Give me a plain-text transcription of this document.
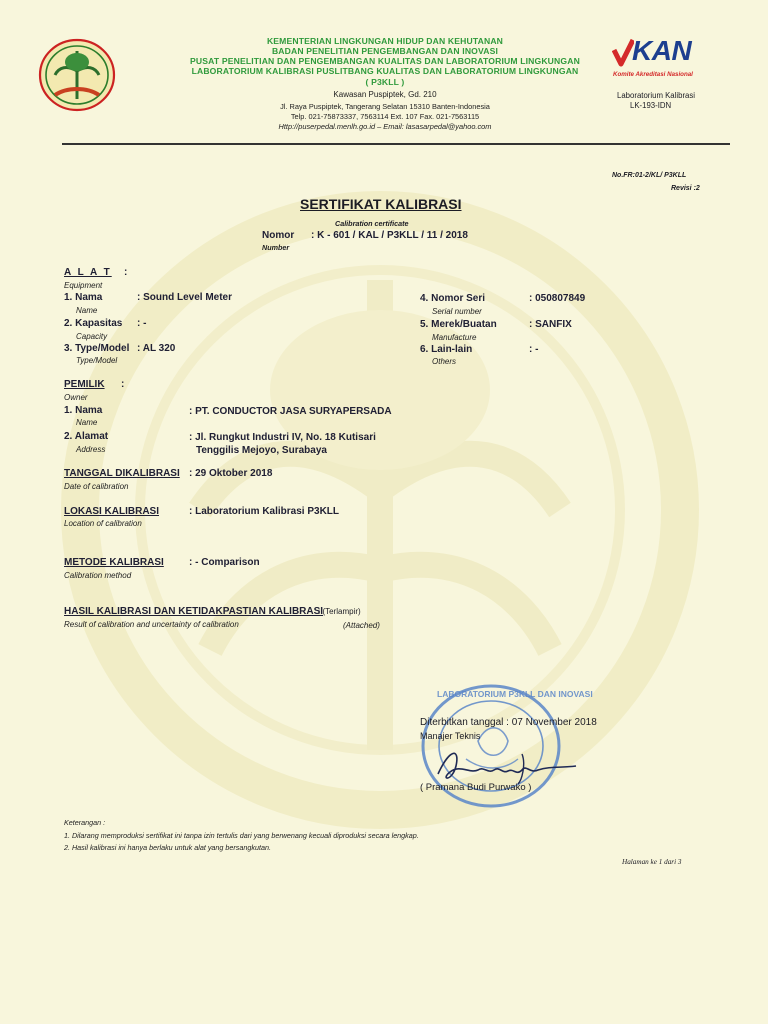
KEMENTERIAN LINGKUNGAN HIDUP DAN KEHUTANAN
BADAN PENELITIAN PENGEMBANGAN DAN INOVASI
PUSAT PENELITIAN DAN PENGEMBANGAN KUALITAS DAN LABORATORIUM LINGKUNGAN
LABORATORIUM KALIBRASI PUSLITBANG KUALITAS DAN LABORATORIUM LINGKUNGAN
( P3KLL )
Kawasan Puspiptek, Gd. 210
Jl. Raya Puspiptek, Tangerang Selatan 15310 Banten-Indonesia
Telp. 021-75873337, 7563114 Ext. 107 Fax. 021-7563115
Http://puserpedal.menlh.go.id – Email: lasasarpedal@yahoo.com
KAN
Komite Akreditasi Nasional
Laboratorium Kalibrasi
LK-193-IDN
No.FR:01-2/KL/ P3KLL
Revisi :2
SERTIFIKAT KALIBRASI
Calibration certificate
Nomor : K - 601 / KAL / P3KLL / 11 / 2018
Number
A L A T :
Equipment
1. Nama	: Sound Level Meter
Name
2. Kapasitas : -
Capacity
3. Type/Model : AL 320
Type/Model
4. Nomor Seri	: 050807849
Serial number
5. Merek/Buatan	: SANFIX
Manufacture
6. Lain-lain	: -
Others
PEMILIK :
Owner
1. Nama
Name
: PT. CONDUCTOR JASA SURYAPERSADA
2. Alamat
Address
: Jl. Rungkut Industri IV, No. 18 Kutisari
Tenggilis Mejoyo, Surabaya
TANGGAL DIKALIBRASI : 29 Oktober 2018
Date of calibration
LOKASI KALIBRASI	: Laboratorium Kalibrasi P3KLL
Location of calibration
METODE KALIBRASI	: - Comparison
Calibration method
HASIL KALIBRASI DAN KETIDAKPASTIAN KALIBRASI
: (Terlampir)
Result of calibration and uncertainty of calibration	(Attached)
LABORATORIUM P3KLL DAN INOVASI
Diterbitkan tanggal : 07 November 2018
Manajer Teknis
( Pramana Budi Purwako )
Keterangan :
1. Dilarang memproduksi sertifikat ini tanpa izin tertulis dari yang berwenang kecuali diproduksi secara lengkap.
2. Hasil kalibrasi ini hanya berlaku untuk alat yang bersangkutan.
Halaman ke 1 dari 3
